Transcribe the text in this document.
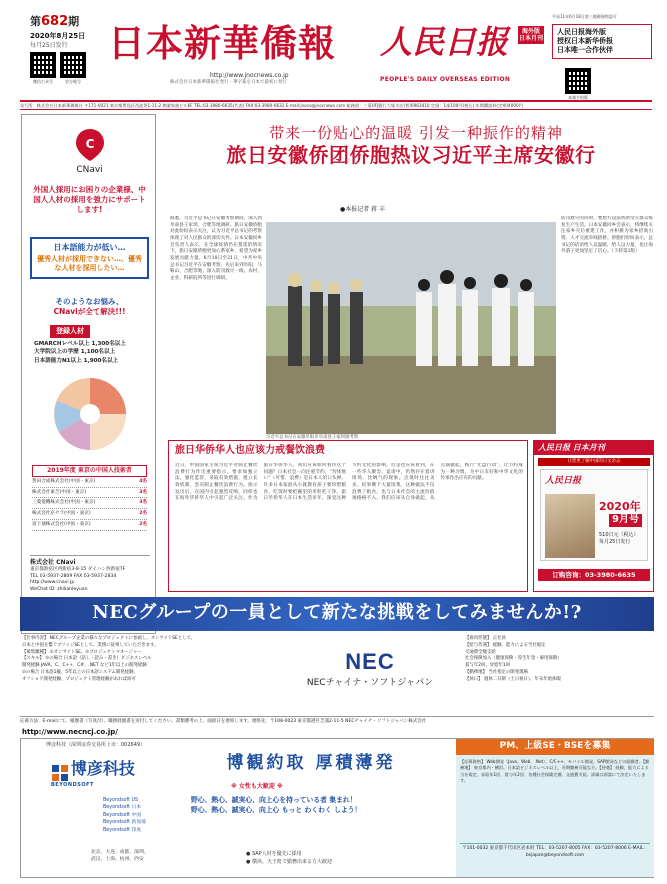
第682期
2020年8月25日
每月25日发行
微信公众号	官方账号
日本新華僑報
http://www.jnocnews.co.jp
株式会社日本新華僑報社発行・華字報を日本で最初に発行
人民日报	海外版 日本月刊
PEOPLE'S DAILY OVERSEAS EDITION
平成11年6月18日第三種郵便物認可
人民日报海外版
授权日本新华侨报
日本唯一合作伙伴
本報手机版
発行所：株式会社日本新華僑報社 〒171-0021 東京都豊島区西池袋1-11-2 創業家族ビル6F TEL:03-3980-6635(代表) FAX:03-3980-6631 E-mail:jnocs@jnocnews.com 総務部：三菱UFJ銀行大塚支店(普)0963410 定価：1部100円(税込) 年間購読料(定期)4000円
C
CNavi
外国人採用にお困りの企業様、中国人人材の採用を強力にサポートします!
日本語能力が低い…
優秀人材が採用できない…、優秀な人材を採用したい…
そのようなお悩み、
CNaviが全て解決!!!
登録人材
GMARCHレベル以上 1,300名以上
大学院以上の学歴 1,100名以上
日本語能力N1以上 1,900名以上
2019年度 東京の中国人技術者
豊田合成株式会社(中国・東京)	4名
株式会社東芝(中国・東京)	3名
三菱電機株式会社(中国・東京)	3名
株式会社京セラ(中国・東京)	2名
富士通株式会社(中国・東京)	2名
株式会社 CNavi
東京都新宿区西新宿3-8-15 ダイハン西新宿7F
TEL 03-5937-2809 FAX 03-5937-2834
http://www.cnavi.jp
WeChat ID: zhilianleyuan
带来一份贴心的温暖 引发一种振作的精神
旅日安徽侨团侨胞热议习近平主席安徽行
●本报记者 蒋 丰
据悉，习近平总书记在安徽考察期间，深入到阜南县王家坝、合肥等地调研。旅日安徽侨胞对此纷纷表示关注，认为习近平总书记的考察体现了对人民群众的深切关怀。日本安徽同乡会负责人表示，在全球疫情仍在蔓延的情况下，旅日安徽侨胞更加心系家乡，希望为家乡发展贡献力量。8月18日至21日，中共中央总书记习近平在安徽考察，先后来到阜阳、马鞍山、合肥等地，深入防汛救灾一线、农村、企业、科研院所等进行调研。
防汛救灾的同时，要想方设法帮助受灾群众恢复生产生活。日本安徽同乡会表示，将继续关注家乡灾后重建工作，并积极为家乡招商引资、人才交流牵线搭桥。侨胞们纷纷表示，总书记的话语给人以温暖，给人以力量，也让海外游子更加坚定了信心。（下转第2版）
习近平总书记在安徽阜阳市阜南县王家坝镇考察
旅日华侨华人也应该力戒餐饮浪费
近日，中国国家主席习近平对制止餐饮浪费行为作出重要指示，要求加强立法，强化监管，采取有效措施，建立长效机制，坚决制止餐饮浪费行为。指示发出后，在国内引起强烈反响，同样也在海外华侨华人中引起广泛关注。作为旅日华侨华人，我们应该如何看待这个问题？日本社会一向注重节约，“勿体無い”（可惜、浪费）是日本人的口头禅。许多日本家庭从小就教育孩子要珍惜粮食，吃饭时要把碗里的米粒吃干净。旅日华侨华人在日本生活多年，深受这种节约文化的影响。但是也应该看到，在一些华人聚会、宴请中，仍然存在着讲排场、比阔气的现象。点菜时往往贪多，结果剩下大量饭菜。这种做法不仅浪费了粮食，也与日本社会的主流价值观格格不入。我们应该从自身做起，从点滴做起，践行“光盘行动”，让节约成为一种习惯，为中日友好和中华文化的传承作出应有的贡献。
人民日报 日本月刊
让您更了解中国的日文杂志
人民日报
2020年
9月号
510日元（税込）
每月25日发行
订购咨询：03-3980-6635
NECグループの一員として新たな挑戦をしてみませんか!?
【仕事内容】 NECグループ企業の様々なプロジェクトに参画し、オンサイトSEとして、
日本と中国を繋ぐブリッジSEとして、業務に従事していただきます。
【募集職種】 ①オンサイトSE、②プロジェクトマネージャー
【スキル】 ①の場合 日本語（話し・読み・書き）ビジネスレベル
開発経験 JAVA、C、C++、C#、.NET など1年以上の開発経験
②の場合 日本語1級、5年以上の日本語システム開発経験、
オフショア開発経験、プロジェクト管理経験があれば尚可
NEC
NECチャイナ・ソフトジャパン
【雇用形態】 正社員
【給与待遇】 経験、能力による当社規定
交通費全額支給
社会保険加入（健康保険・厚生年金・雇用保険）
賞与年2回、昇給年1回
【勤務地】 当社指定の開発現場
【休日】 週休二日制（土日祝日）、年末年始休暇
応募方法：E-mailにて、履歴書（写真付）、職務経歴書を送付してください。書類選考の上、面接日を連絡します。連絡先：〒108-0023 東京都港区芝浦2-11-5 NECチャイナ・ソフトジャパン株式会社
http://www.necncj.co.jp/
博彦科技（深圳证券交易所上市：002649）
博彦科技
BEYONDSOFT
Beyondsoft US
Beyondsoft 日本
Beyondsoft 中国
Beyondsoft 新加坡
Beyondsoft 印度
北京、大连、成都、深圳、
武汉、上海、杭州、西安
博観約取 厚積薄発
※ 女性も大歓迎 ※
野心、熱心、誠実心、向上心を持っている者 集まれ！
野心、熱心、誠実心、向上心 もっと わくわく しよう！
● SAP人材を優先に採用
● 横浜、天王町で勤務出来る方大歓迎
PM、上級SE・BSEを募集
【応募資格】 Web開発（Java、Web、.Net）、C/C++、モバイル開発、SAP開発などの経験者。【勤務地】 東京都内・横浜。日本語ビジネスレベル以上。長期勤務可能な方。【待遇】 経験、能力による当社規定。昇給年1回、賞与年2回、各種社会保険完備、交通費支給。詳細は面談にて決定いたします。
〒101-0032 東京都千代田区岩本町 TEL：03-5207-8005 FAX：03-5207-8006 E-MAIL：bsjapan@beyondsoft.com
